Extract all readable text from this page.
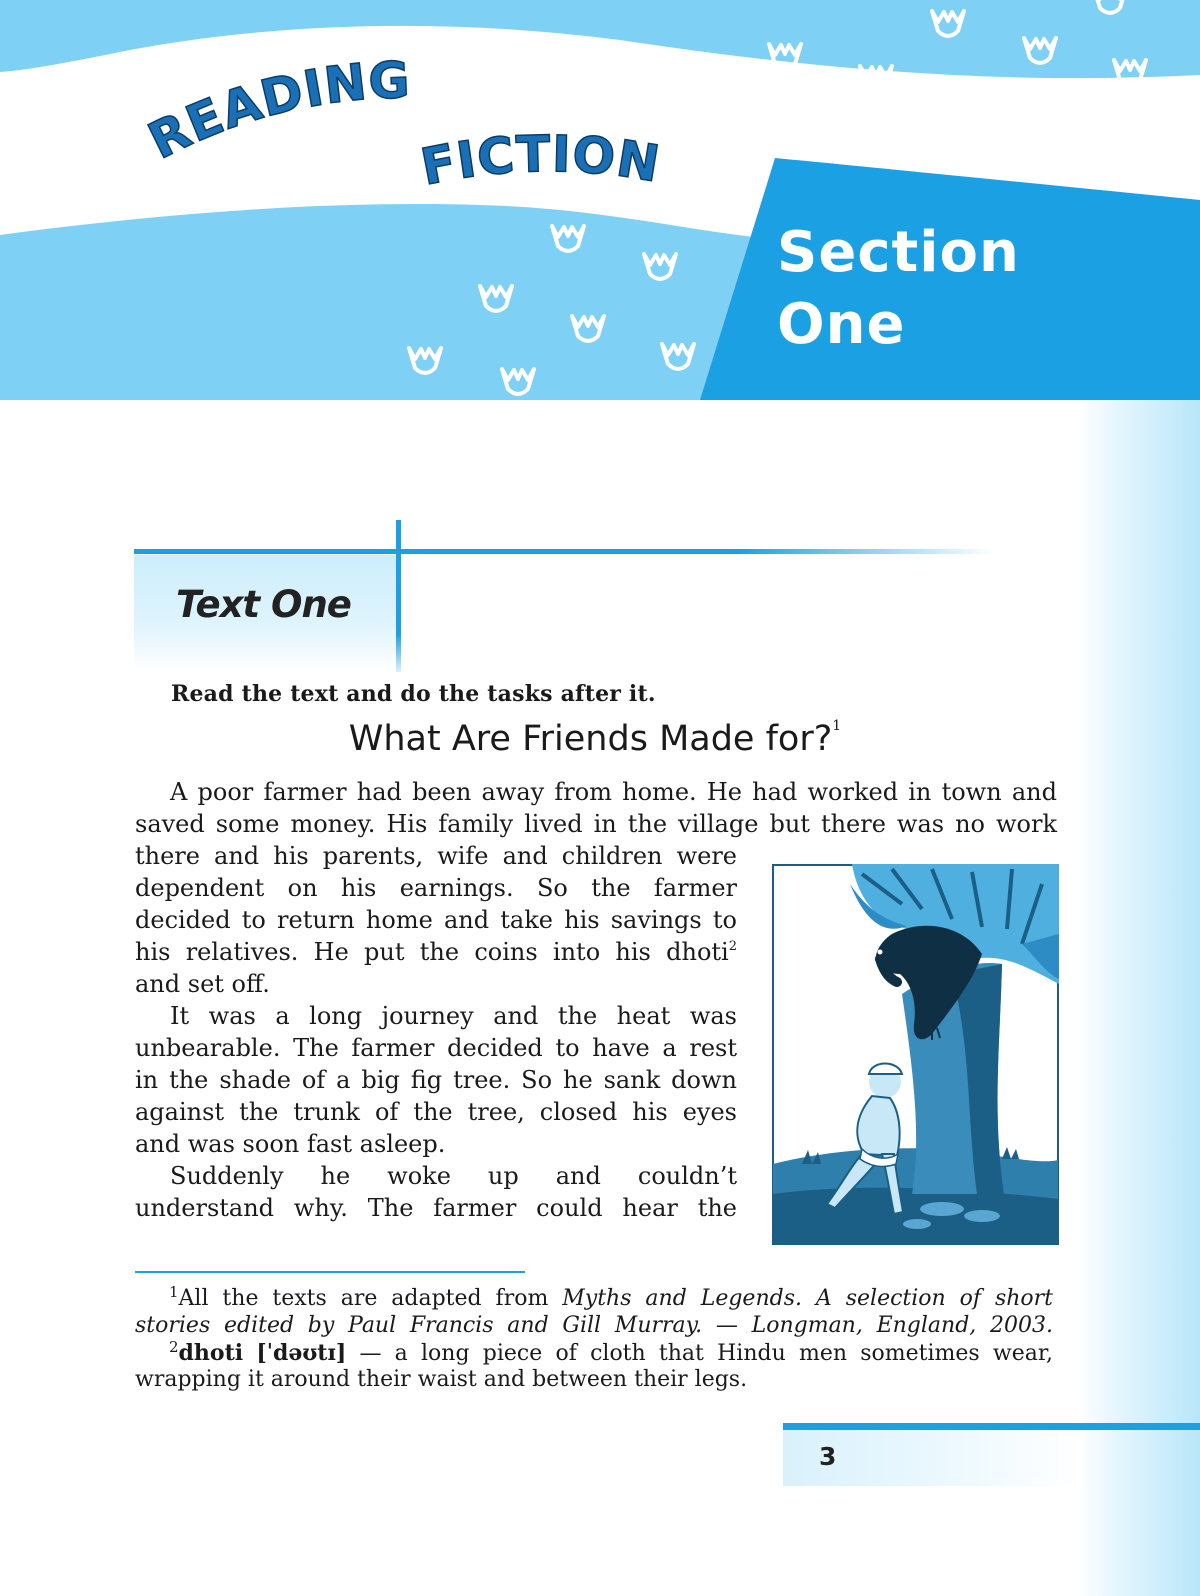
READING
FICTION
Section
One
Text One
Read the text and do the tasks after it.
What Are Friends Made for?$^1$
A poor farmer had been away from home. He had worked in town and
saved some money. His family lived in the village but there was no work
there and his parents, wife and children were
dependent on his earnings. So the farmer
decided to return home and take his savings to
his relatives. He put the coins into his dhoti$^2$
and set off.
It was a long journey and the heat was
unbearable. The farmer decided to have a rest
in the shade of a big fig tree. So he sank down
against the trunk of the tree, closed his eyes
and was soon fast asleep.
Suddenly he woke up and couldn’t
understand why. The farmer could hear the
$^1$All the texts are adapted from Myths and Legends. A selection of short
stories edited by Paul Francis and Gill Murray. — Longman, England, 2003.
$^2$dhoti [ˈdəʊtɪ] — a long piece of cloth that Hindu men sometimes wear,
wrapping it around their waist and between their legs.
3
